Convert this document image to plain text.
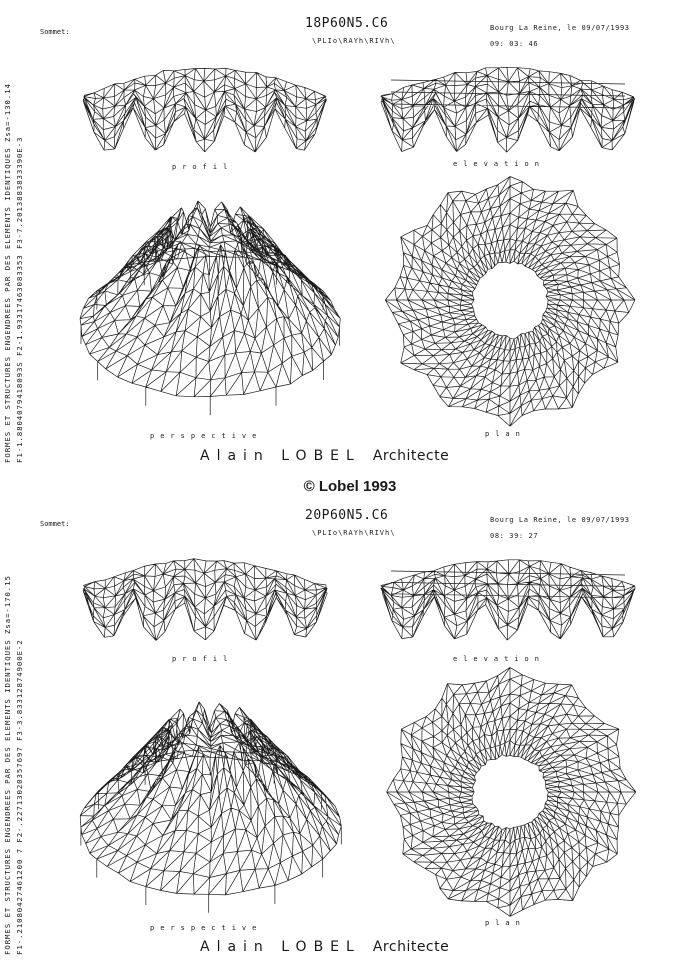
FORMES ET STRUCTURES ENGENDREES PAR DES ELEMENTS IDENTIQUES Zsa=-130.14 F1-1.8804079418093S F2-1.93317463083353 F3-7.2013883833390E-3
Sommet:
18P60N5.C6
\PLIo\RAYh\RIVh\
Bourg La Reine, le 09/07/1993
09: 03: 46
profil	elevation
perspective	plan
Alain LOBEL Architecte
© Lobel 1993
FORMES ET STRUCTURES ENGENDREES PAR DES ELEMENTS IDENTIQUES Zsa=-170.15 F1-.21080427461200 7 F2-.22713020357697 F3-3.83312874900E-2
Sommet:
20P60N5.C6
\PLIo\RAYh\RIVh\
Bourg La Reine, le 09/07/1993
08: 39: 27
profil	elevation
perspective
plan
Alain LOBEL Architecte
